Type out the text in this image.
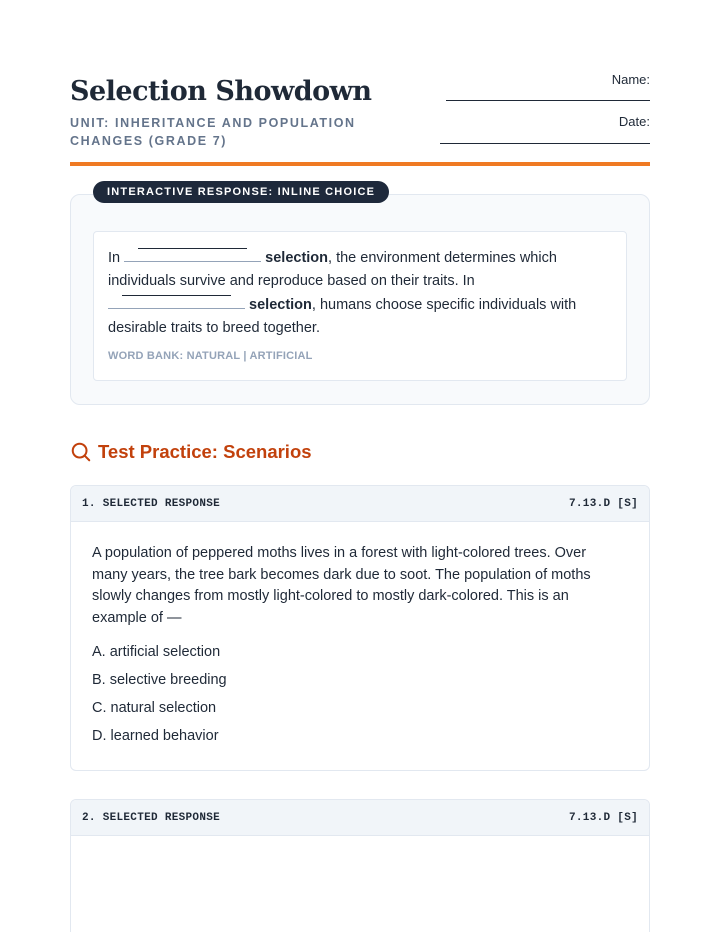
Selection Showdown
UNIT: INHERITANCE AND POPULATION CHANGES (GRADE 7)
Name:
Date:
INTERACTIVE RESPONSE: INLINE CHOICE
In	selection, the environment determines which individuals survive and reproduce based on their traits. In
selection, humans choose specific individuals with desirable traits to breed together.
WORD BANK: NATURAL | ARTIFICIAL
Test Practice: Scenarios
1. SELECTED RESPONSE	7.13.D [S]
A population of peppered moths lives in a forest with light-colored trees. Over many years, the tree bark becomes dark due to soot. The population of moths slowly changes from mostly light-colored to mostly dark-colored. This is an example of —
A. artificial selection
B. selective breeding
C. natural selection
D. learned behavior
2. SELECTED RESPONSE	7.13.D [S]
